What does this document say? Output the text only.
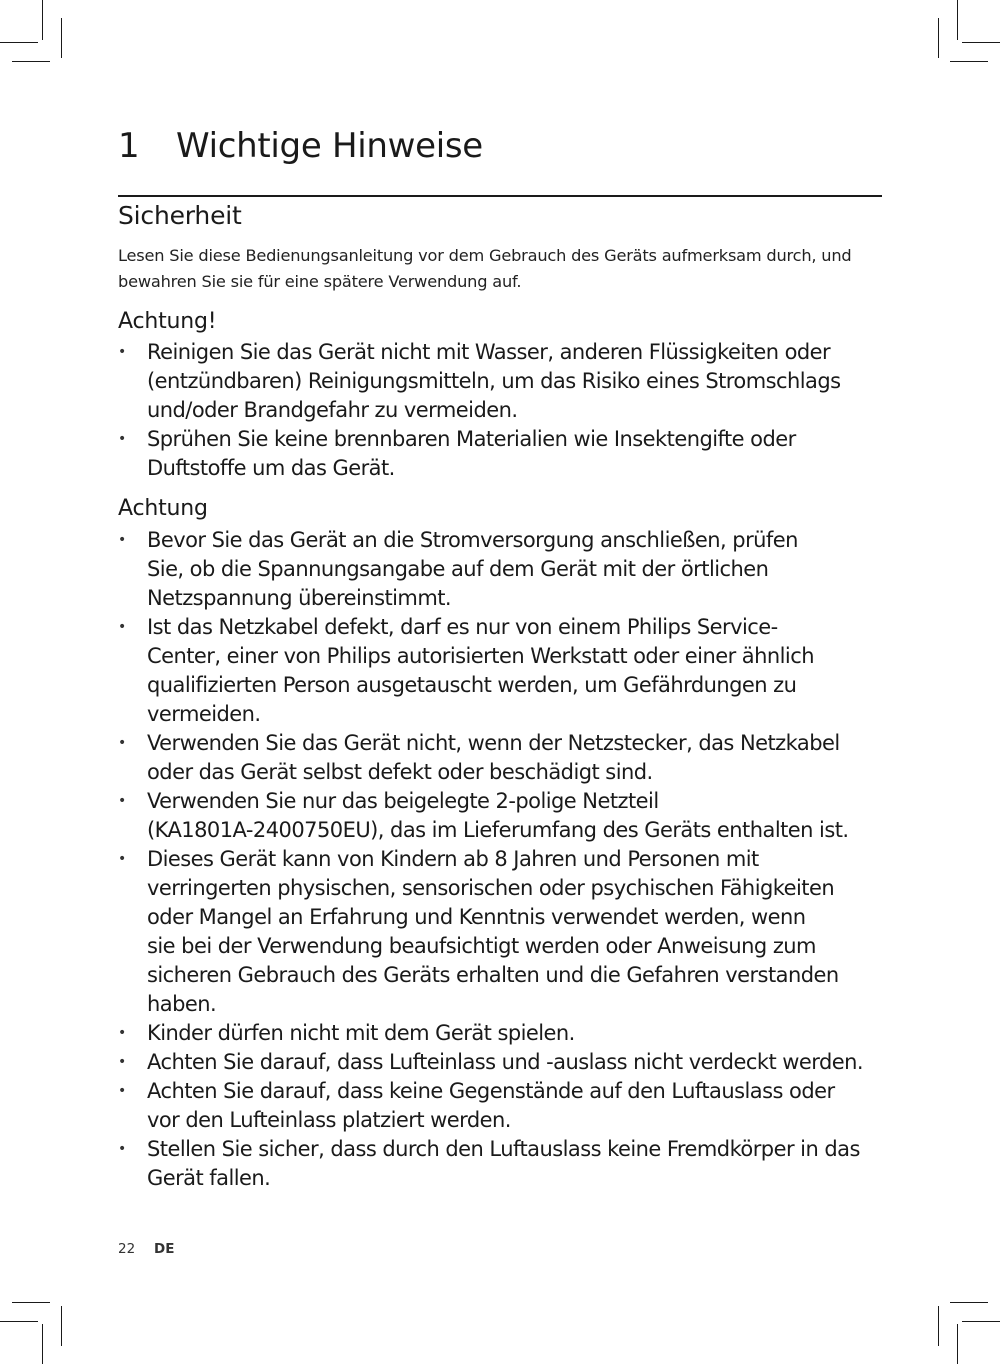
1 Wichtige Hinweise
Sicherheit

Lesen Sie diese Bedienungsanleitung vor dem Gebrauch des Geräts aufmerksam durch, und
bewahren Sie sie für eine spätere Verwendung auf.

Achtung!
• Reinigen Sie das Gerät nicht mit Wasser, anderen Flüssigkeiten oder
(entzündbaren) Reinigungsmitteln, um das Risiko eines Stromschlags
und/oder Brandgefahr zu vermeiden.
• Sprühen Sie keine brennbaren Materialien wie Insektengifte oder
Duftstoffe um das Gerät.
Achtung
• Bevor Sie das Gerät an die Stromversorgung anschließen, prüfen
Sie, ob die Spannungsangabe auf dem Gerät mit der örtlichen
Netzspannung übereinstimmt.
• Ist das Netzkabel defekt, darf es nur von einem Philips Service-
Center, einer von Philips autorisierten Werkstatt oder einer ähnlich
qualifizierten Person ausgetauscht werden, um Gefährdungen zu
vermeiden.
• Verwenden Sie das Gerät nicht, wenn der Netzstecker, das Netzkabel
oder das Gerät selbst defekt oder beschädigt sind.
• Verwenden Sie nur das beigelegte 2-polige Netzteil
(KA1801A-2400750EU), das im Lieferumfang des Geräts enthalten ist.
• Dieses Gerät kann von Kindern ab 8 Jahren und Personen mit
verringerten physischen, sensorischen oder psychischen Fähigkeiten
oder Mangel an Erfahrung und Kenntnis verwendet werden, wenn
sie bei der Verwendung beaufsichtigt werden oder Anweisung zum
sicheren Gebrauch des Geräts erhalten und die Gefahren verstanden
haben.
• Kinder dürfen nicht mit dem Gerät spielen.
• Achten Sie darauf, dass Lufteinlass und -auslass nicht verdeckt werden.
• Achten Sie darauf, dass keine Gegenstände auf den Luftauslass oder
vor den Lufteinlass platziert werden.
• Stellen Sie sicher, dass durch den Luftauslass keine Fremdkörper in das
Gerät fallen.
22 DE
